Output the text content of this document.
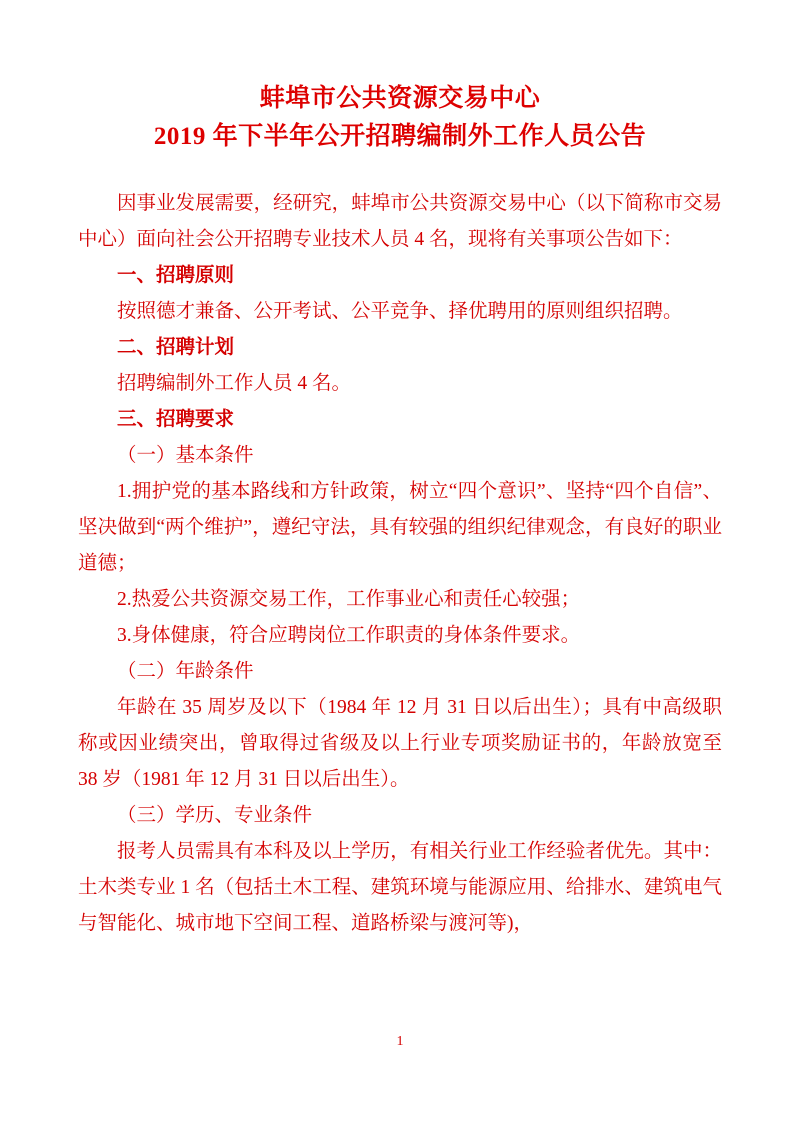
蚌埠市公共资源交易中心
2019 年下半年公开招聘编制外工作人员公告

因事业发展需要，经研究，蚌埠市公共资源交易中心（以下简称市交易中心）面向社会公开招聘专业技术人员 4 名，现将有关事项公告如下：

一、招聘原则

按照德才兼备、公开考试、公平竞争、择优聘用的原则组织招聘。

二、招聘计划

招聘编制外工作人员 4 名。

三、招聘要求

（一）基本条件

1.拥护党的基本路线和方针政策，树立“四个意识”、坚持“四个自信”、坚决做到“两个维护”，遵纪守法，具有较强的组织纪律观念，有良好的职业道德；

2.热爱公共资源交易工作，工作事业心和责任心较强；

3.身体健康，符合应聘岗位工作职责的身体条件要求。

（二）年龄条件

年龄在 35 周岁及以下（1984 年 12 月 31 日以后出生）；具有中高级职称或因业绩突出，曾取得过省级及以上行业专项奖励证书的，年龄放宽至 38 岁（1981 年 12 月 31 日以后出生）。

（三）学历、专业条件

报考人员需具有本科及以上学历，有相关行业工作经验者优先。其中：土木类专业 1 名（包括土木工程、建筑环境与能源应用、给排水、建筑电气与智能化、城市地下空间工程、道路桥梁与渡河等)，

1
